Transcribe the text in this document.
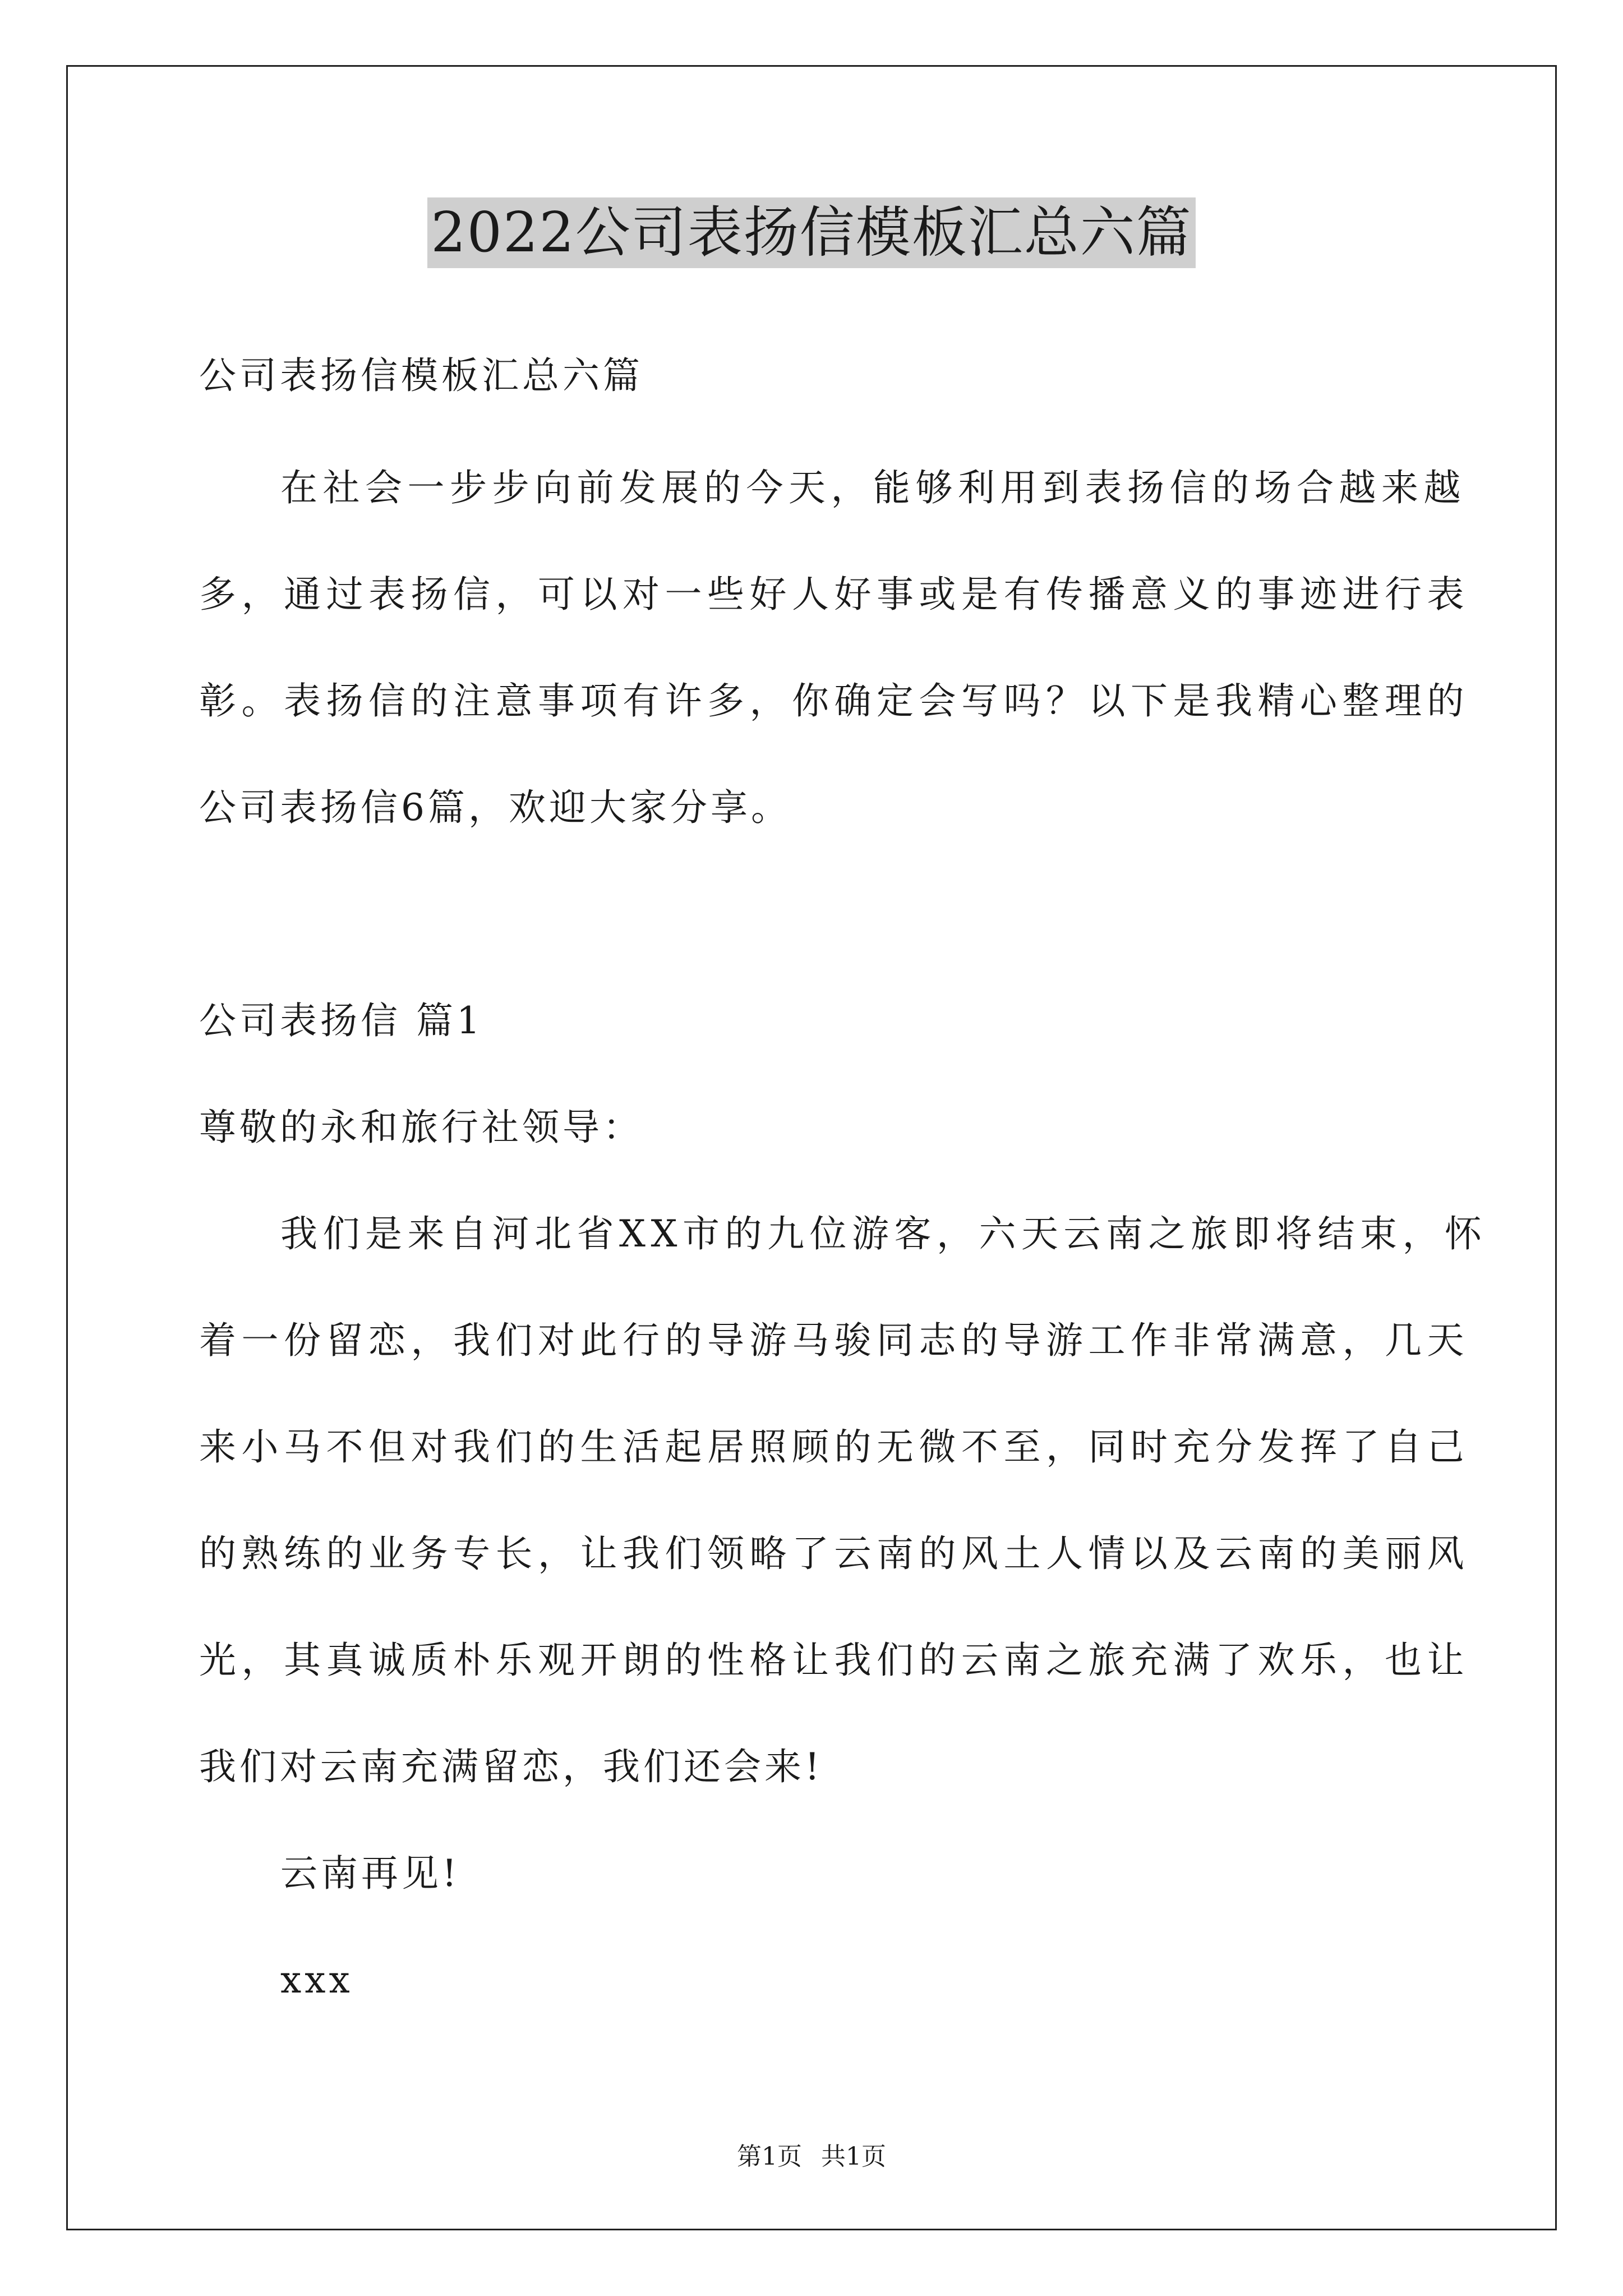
2022公司表扬信模板汇总六篇
公司表扬信模板汇总六篇
在社会一步步向前发展的今天，能够利用到表扬信的场合越来越
多，通过表扬信，可以对一些好人好事或是有传播意义的事迹进行表
彰。表扬信的注意事项有许多，你确定会写吗？以下是我精心整理的
公司表扬信6篇，欢迎大家分享。
公司表扬信 篇1
尊敬的永和旅行社领导：
我们是来自河北省XX市的九位游客，六天云南之旅即将结束，怀
着一份留恋，我们对此行的导游马骏同志的导游工作非常满意，几天
来小马不但对我们的生活起居照顾的无微不至，同时充分发挥了自己
的熟练的业务专长，让我们领略了云南的风土人情以及云南的美丽风
光，其真诚质朴乐观开朗的性格让我们的云南之旅充满了欢乐，也让
我们对云南充满留恋，我们还会来!
云南再见!
xxx
第1页 共1页
